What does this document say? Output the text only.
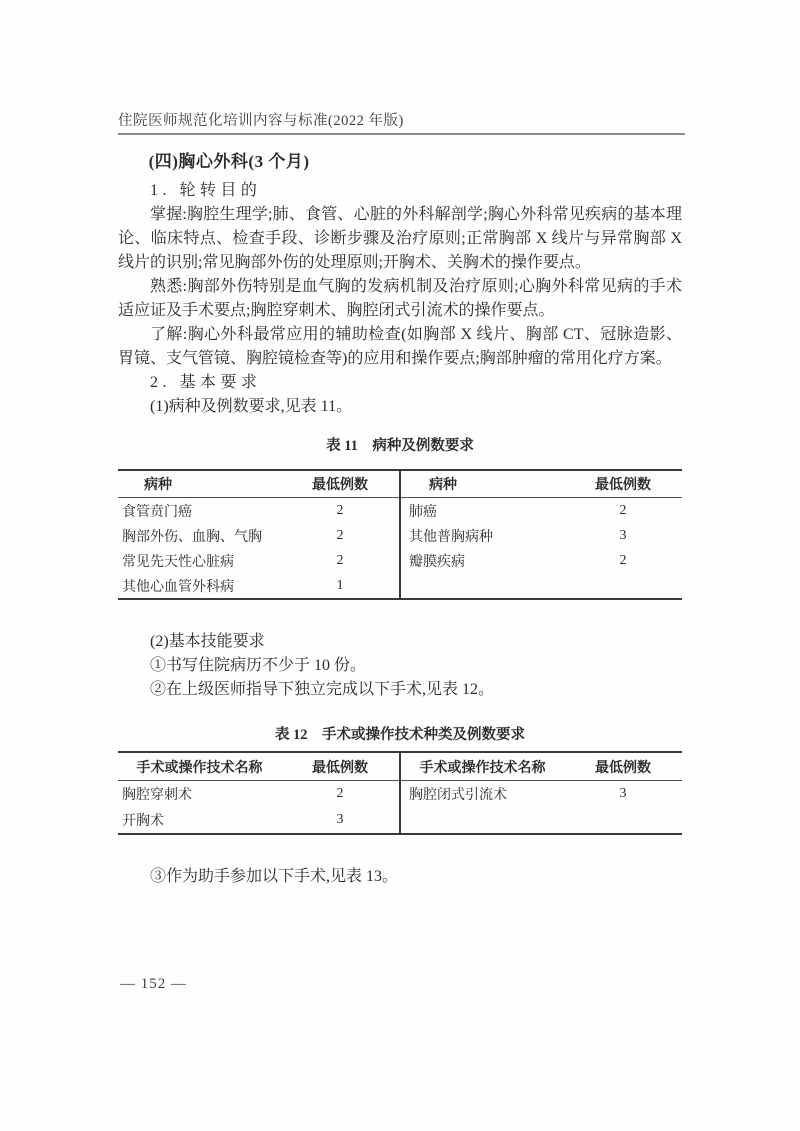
住院医师规范化培训内容与标准(2022 年版)
(四)胸心外科(3 个月)
1. 轮转目的
掌握:胸腔生理学;肺、食管、心脏的外科解剖学;胸心外科常见疾病的基本理论、临床特点、检查手段、诊断步骤及治疗原则;正常胸部 X 线片与异常胸部 X 线片的识别;常见胸部外伤的处理原则;开胸术、关胸术的操作要点。
熟悉:胸部外伤特别是血气胸的发病机制及治疗原则;心胸外科常见病的手术适应证及手术要点;胸腔穿刺术、胸腔闭式引流术的操作要点。
了解:胸心外科最常应用的辅助检查(如胸部 X 线片、胸部 CT、冠脉造影、胃镜、支气管镜、胸腔镜检查等)的应用和操作要点;胸部肿瘤的常用化疗方案。
2. 基本要求
(1)病种及例数要求,见表 11。
表 11　病种及例数要求
病种	最低例数
食管贲门癌	2
胸部外伤、血胸、气胸	2
常见先天性心脏病	2
其他心血管外科病	1
病种	最低例数
肺癌	2
其他普胸病种	3
瓣膜疾病	2
(2)基本技能要求
①书写住院病历不少于 10 份。
②在上级医师指导下独立完成以下手术,见表 12。
表 12　手术或操作技术种类及例数要求
手术或操作技术名称	最低例数
胸腔穿刺术	2
开胸术	3
手术或操作技术名称	最低例数
胸腔闭式引流术	3
③作为助手参加以下手术,见表 13。
— 152 —
